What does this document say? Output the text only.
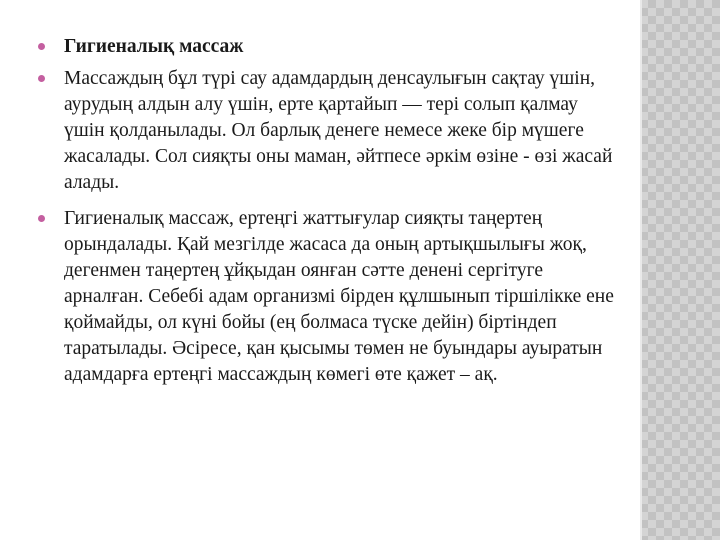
Гигиеналық массаж
Массаждың бұл түрі сау адамдардың денсаулығын сақтау үшін, аурудың алдын алу үшін, ерте қартайып — тері солып қалмау үшін қолданылады. Ол барлық денеге немесе жеке бір мүшеге жасалады. Сол сияқты оны маман, әйтпесе әркім өзіне - өзі жасай алады.
Гигиеналық массаж, ертеңгі жаттығулар сияқты таңертең орындалады. Қай мезгілде жасаса да оның артықшылығы жоқ, дегенмен таңертең ұйқыдан оянған сәтте денені сергітуге арналған. Себебі адам организмі бірден құлшынып тіршілікке ене қоймайды, ол күні бойы (ең болмаса түске дейін) біртіндеп таратылады. Әсіресе, қан қысымы төмен не буындары ауыратын адамдарға ертеңгі массаждың көмегі өте қажет – ақ.
